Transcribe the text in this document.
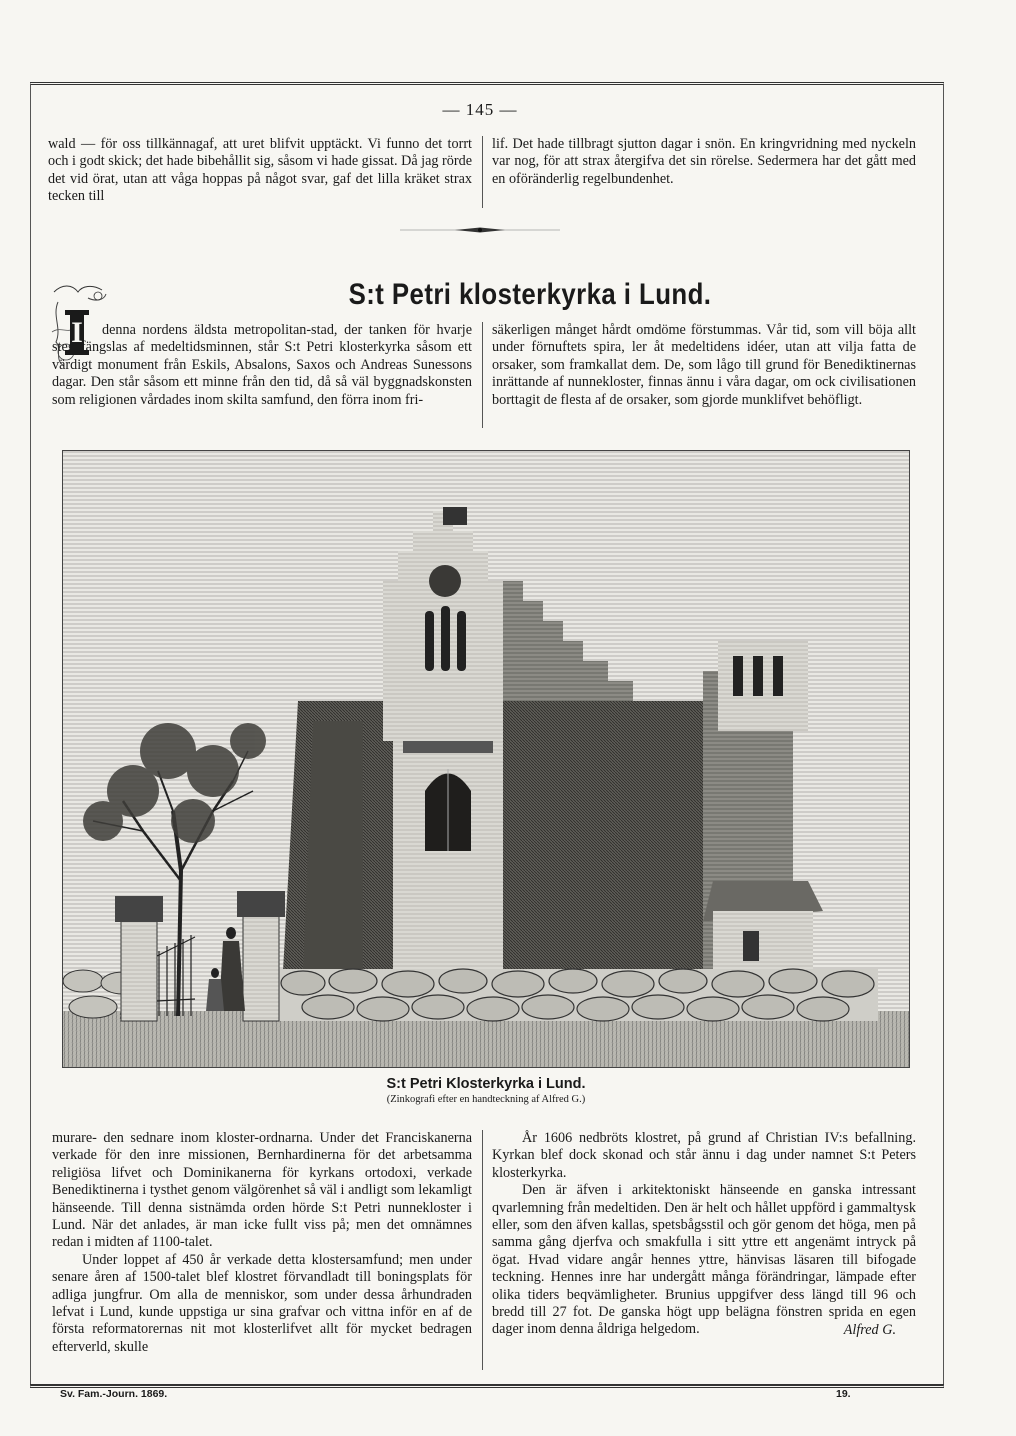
— 145 —

wald — för oss tillkännagaf, att uret blifvit upptäckt. Vi funno det torrt och i godt skick; det hade bibehållit sig, såsom vi hade gissat. Då jag rörde det vid örat, utan att våga hoppas på något svar, gaf det lilla kräket strax tecken till

lif. Det hade tillbragt sjutton dagar i snön. En kringvridning med nyckeln var nog, för att strax återgifva det sin rörelse. Sedermera har det gått med en oföränderlig regelbundenhet.

S:t Petri klosterkyrka i Lund.
I	denna nordens äldsta metropolitan-stad, der tanken för hvarje steg fängslas af medeltidsminnen, står S:t Petri klosterkyrka såsom ett värdigt monument från Eskils, Absalons, Saxos och Andreas Sunessons dagar. Den står såsom ett minne från den tid, då så väl byggnadskonsten som religionen vårdades inom skilta samfund, den förra inom fri-

säkerligen månget hårdt omdöme förstummas. Vår tid, som vill böja allt under förnuftets spira, ler åt medeltidens idéer, utan att vilja fatta de orsaker, som framkallat dem. De, som lågo till grund för Benediktinernas inrättande af nunnekloster, finnas ännu i våra dagar, om ock civilisationen borttagit de flesta af de orsaker, som gjorde munklifvet behöfligt.

S:t Petri Klosterkyrka i Lund.
(Zinkografi efter en handteckning af Alfred G.)

murare- den sednare inom kloster-ordnarna. Under det Franciskanerna verkade för den inre missionen, Bernhardinerna för det arbetsamma religiösa lifvet och Dominikanerna för kyrkans ortodoxi, verkade Benediktinerna i tysthet genom välgörenhet så väl i andligt som lekamligt hänseende. Till denna sistnämda orden hörde S:t Petri nunnekloster i Lund. När det anlades, är man icke fullt viss på; men det omnämnes redan i midten af 1100-talet.

Under loppet af 450 år verkade detta klostersamfund; men under senare åren af 1500-talet blef klostret förvandladt till boningsplats för adliga jungfrur. Om alla de menniskor, som under dessa århundraden lefvat i Lund, kunde uppstiga ur sina grafvar och vittna inför en af de första reformatorernas nit mot klosterlifvet allt för mycket bedragen efterverld, skulle

År 1606 nedbröts klostret, på grund af Christian IV:s befallning. Kyrkan blef dock skonad och står ännu i dag under namnet S:t Peters klosterkyrka.

Den är äfven i arkitektoniskt hänseende en ganska intressant qvarlemning från medeltiden. Den är helt och hållet uppförd i gammaltysk eller, som den äfven kallas, spetsbågsstil och gör genom det höga, men på samma gång djerfva och smakfulla i sitt yttre ett angenämt intryck på ögat. Hvad vidare angår hennes yttre, hänvisas läsaren till bifogade teckning. Hennes inre har undergått många förändringar, lämpade efter olika tiders beqvämligheter. Brunius uppgifver dess längd till 96 och bredd till 27 fot. De ganska högt upp belägna fönstren sprida en egen dager inom denna åldriga helgedom.	Alfred G.

Sv. Fam.-Journ. 1869.	19.
